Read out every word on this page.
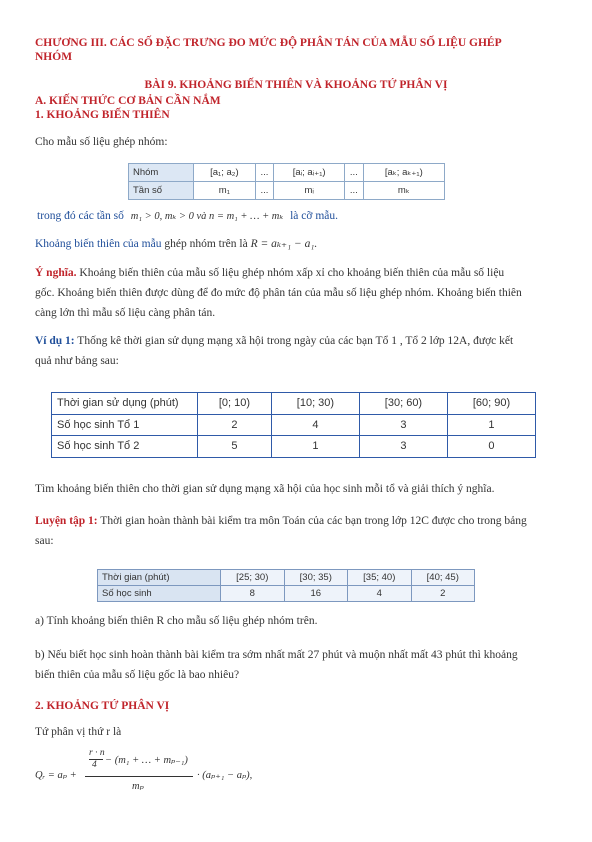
CHƯƠNG III. CÁC SỐ ĐẶC TRƯNG ĐO MỨC ĐỘ PHÂN TÁN CỦA MẪU SỐ LIỆU GHÉP
NHÓM
BÀI 9. KHOẢNG BIẾN THIÊN VÀ KHOẢNG TỨ PHÂN VỊ
A. KIẾN THỨC CƠ BẢN CẦN NẮM
1. KHOẢNG BIẾN THIÊN
Cho mẫu số liệu ghép nhóm:
Nhóm	[a₁; a₂)	...	[aᵢ; aᵢ₊₁)	...	[aₖ; aₖ₊₁)
Tần số	m₁	...	mᵢ	...	mₖ
trong đó các tần số m₁ > 0, mₖ > 0 và n = m₁ + … + mₖ là cỡ mẫu.
Khoảng biến thiên của mẫu ghép nhóm trên là R = aₖ₊₁ − a₁.
Ý nghĩa. Khoảng biến thiên của mẫu số liệu ghép nhóm xấp xỉ cho khoảng biến thiên của mẫu số liệu
gốc. Khoảng biến thiên được dùng để đo mức độ phân tán của mẫu số liệu ghép nhóm. Khoảng biến thiên
càng lớn thì mẫu số liệu càng phân tán.
Ví dụ 1: Thống kê thời gian sử dụng mạng xã hội trong ngày của các bạn Tổ 1 , Tổ 2 lớp 12A, được kết
quả như bảng sau:
Thời gian sử dụng (phút)	[0; 10)	[10; 30)	[30; 60)	[60; 90)
Số học sinh Tổ 1	2	4	3	1
Số học sinh Tổ 2	5	1	3	0
Tìm khoảng biến thiên cho thời gian sử dụng mạng xã hội của học sinh mỗi tổ và giải thích ý nghĩa.
Luyện tập 1: Thời gian hoàn thành bài kiểm tra môn Toán của các bạn trong lớp 12C được cho trong bảng
sau:
Thời gian (phút)	[25; 30)	[30; 35)	[35; 40)	[40; 45)
Số học sinh	8	16	4	2
a) Tính khoảng biến thiên R cho mẫu số liệu ghép nhóm trên.
b) Nếu biết học sinh hoàn thành bài kiểm tra sớm nhất mất 27 phút và muộn nhất mất 43 phút thì khoảng
biến thiên của mẫu số liệu gốc là bao nhiêu?
2. KHOẢNG TỨ PHÂN VỊ
Tứ phân vị thứ r là
Qᵣ = aₚ +
r · n
4 − (m₁ + … + mₚ₋₁)
mₚ
· (aₚ₊₁ − aₚ),
